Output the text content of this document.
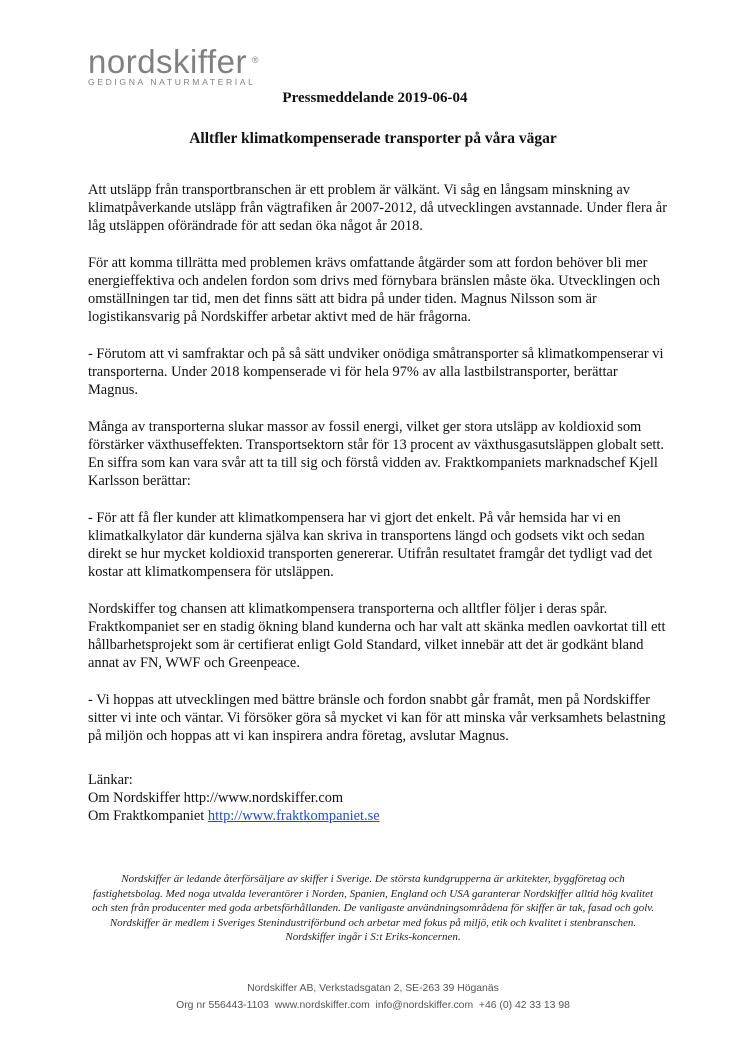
nordskiffer ®
GEDIGNA NATURMATERIAL
Pressmeddelande 2019-06-04
Alltfler klimatkompenserade transporter på våra vägar

Att utsläpp från transportbranschen är ett problem är välkänt. Vi såg en långsam minskning av klimatpåverkande utsläpp från vägtrafiken år 2007-2012, då utvecklingen avstannade. Under flera år låg utsläppen oförändrade för att sedan öka något år 2018.

För att komma tillrätta med problemen krävs omfattande åtgärder som att fordon behöver bli mer energieffektiva och andelen fordon som drivs med förnybara bränslen måste öka. Utvecklingen och omställningen tar tid, men det finns sätt att bidra på under tiden. Magnus Nilsson som är logistikansvarig på Nordskiffer arbetar aktivt med de här frågorna.

- Förutom att vi samfraktar och på så sätt undviker onödiga småtransporter så klimatkompenserar vi transporterna. Under 2018 kompenserade vi för hela 97% av alla lastbilstransporter, berättar Magnus.

Många av transporterna slukar massor av fossil energi, vilket ger stora utsläpp av koldioxid som förstärker växthuseffekten. Transportsektorn står för 13 procent av växthusgasutsläppen globalt sett. En siffra som kan vara svår att ta till sig och förstå vidden av. Fraktkompaniets marknadschef Kjell Karlsson berättar:

- För att få fler kunder att klimatkompensera har vi gjort det enkelt. På vår hemsida har vi en klimatkalkylator där kunderna själva kan skriva in transportens längd och godsets vikt och sedan direkt se hur mycket koldioxid transporten genererar. Utifrån resultatet framgår det tydligt vad det kostar att klimatkompensera för utsläppen.

Nordskiffer tog chansen att klimatkompensera transporterna och alltfler följer i deras spår. Fraktkompaniet ser en stadig ökning bland kunderna och har valt att skänka medlen oavkortat till ett hållbarhetsprojekt som är certifierat enligt Gold Standard, vilket innebär att det är godkänt bland annat av FN, WWF och Greenpeace.

- Vi hoppas att utvecklingen med bättre bränsle och fordon snabbt går framåt, men på Nordskiffer sitter vi inte och väntar. Vi försöker göra så mycket vi kan för att minska vår verksamhets belastning på miljön och hoppas att vi kan inspirera andra företag, avslutar Magnus.

Länkar:
Om Nordskiffer http://www.nordskiffer.com
Om Fraktkompaniet http://www.fraktkompaniet.se
Nordskiffer är ledande återförsäljare av skiffer i Sverige. De största kundgrupperna är arkitekter, byggföretag och fastighetsbolag. Med noga utvalda leverantörer i Norden, Spanien, England och USA garanterar Nordskiffer alltid hög kvalitet och sten från producenter med goda arbetsförhållanden. De vanligaste användningsområdena för skiffer är tak, fasad och golv. Nordskiffer är medlem i Sveriges Stenindustriförbund och arbetar med fokus på miljö, etik och kvalitet i stenbranschen. Nordskiffer ingår i S:t Eriks-koncernen.
Nordskiffer AB, Verkstadsgatan 2, SE-263 39 Höganäs
Org nr 556443-1103  www.nordskiffer.com  info@nordskiffer.com  +46 (0) 42 33 13 98
